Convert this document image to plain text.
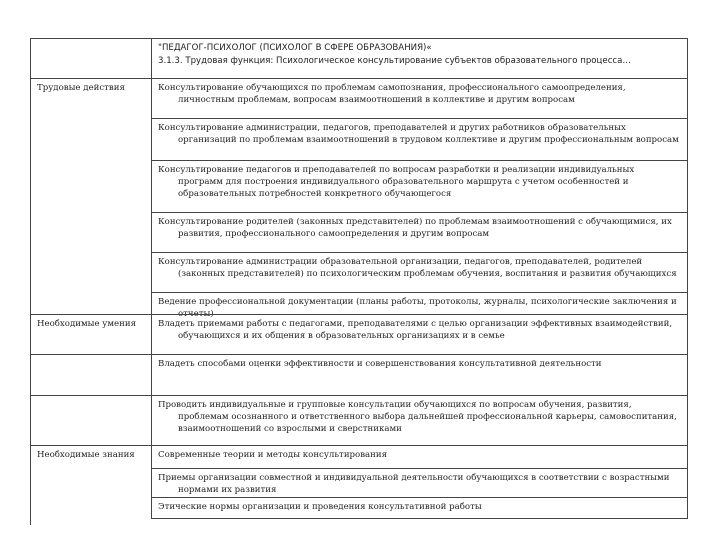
"ПЕДАГОГ-ПСИХОЛОГ (ПСИХОЛОГ В СФЕРЕ ОБРАЗОВАНИЯ)«
3.1.3. Трудовая функция: Психологическое консультирование субъектов образовательного процесса…
Трудовые действия	Консультирование обучающихся по проблемам самопознания, профессионального самоопределения, личностным проблемам, вопросам взаимоотношений в коллективе и другим вопросам
Консультирование администрации, педагогов, преподавателей и других работников образовательных организаций по проблемам взаимоотношений в трудовом коллективе и другим профессиональным вопросам
Консультирование педагогов и преподавателей по вопросам разработки и реализации индивидуальных программ для построения индивидуального образовательного маршрута с учетом особенностей и образовательных потребностей конкретного обучающегося
Консультирование родителей (законных представителей) по проблемам взаимоотношений с обучающимися, их развития, профессионального самоопределения и другим вопросам
Консультирование администрации образовательной организации, педагогов, преподавателей, родителей (законных представителей) по психологическим проблемам обучения, воспитания и развития обучающихся
Ведение профессиональной документации (планы работы, протоколы, журналы, психологические заключения и отчеты)
Необходимые умения	Владеть приемами работы с педагогами, преподавателями с целью организации эффективных взаимодействий, обучающихся и их общения в образовательных организациях и в семье
Владеть способами оценки эффективности и совершенствования консультативной деятельности
Проводить индивидуальные и групповые консультации обучающихся по вопросам обучения, развития, проблемам осознанного и ответственного выбора дальнейшей профессиональной карьеры, самовоспитания, взаимоотношений со взрослыми и сверстниками
Необходимые знания	Современные теории и методы консультирования
Приемы организации совместной и индивидуальной деятельности обучающихся в соответствии с возрастными нормами их развития
Этические нормы организации и проведения консультативной работы
